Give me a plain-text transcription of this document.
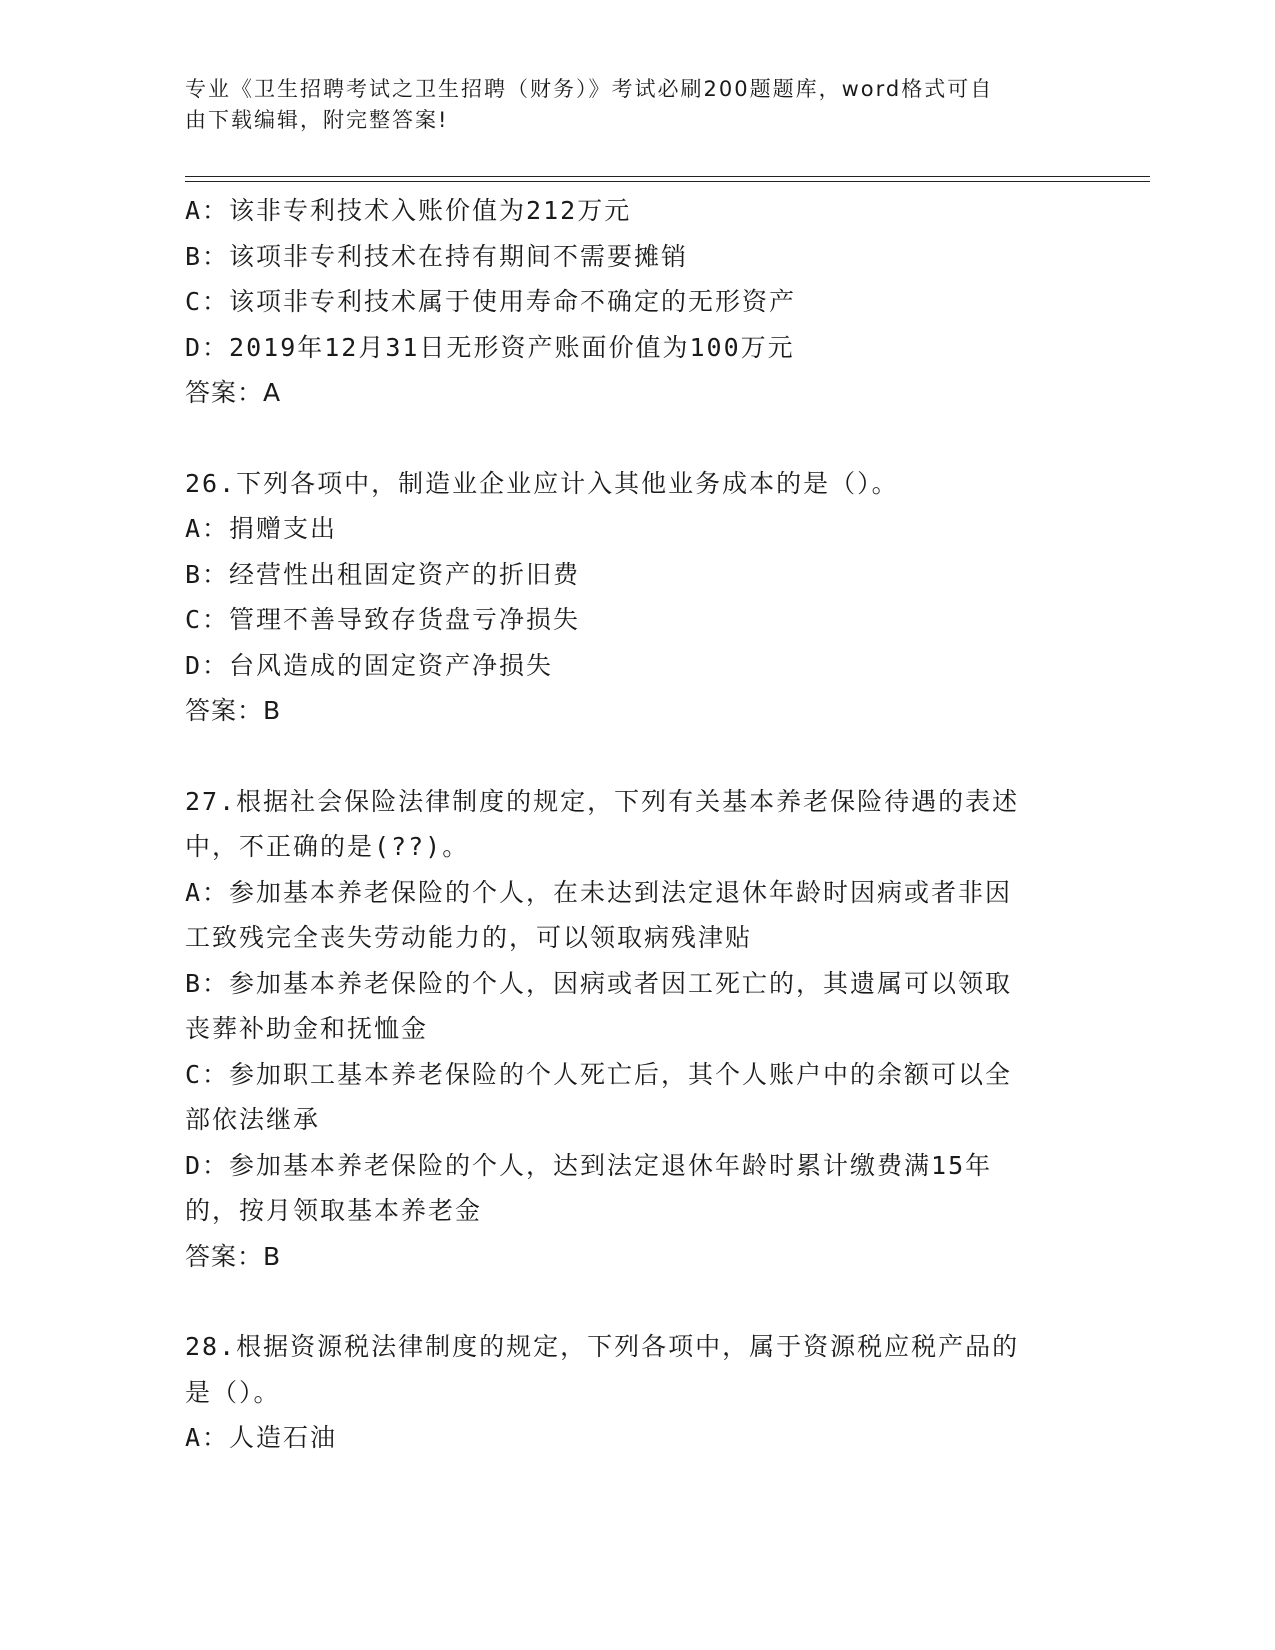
专业《卫生招聘考试之卫生招聘（财务）》考试必刷200题题库，word格式可自
由下载编辑，附完整答案!

A：该非专利技术入账价值为212万元

B：该项非专利技术在持有期间不需要摊销

C：该项非专利技术属于使用寿命不确定的无形资产

D：2019年12月31日无形资产账面价值为100万元

答案：A

26.下列各项中，制造业企业应计入其他业务成本的是（）。

A：捐赠支出

B：经营性出租固定资产的折旧费

C：管理不善导致存货盘亏净损失

D：台风造成的固定资产净损失

答案：B

27.根据社会保险法律制度的规定，下列有关基本养老保险待遇的表述

中，不正确的是(??)。

A：参加基本养老保险的个人，在未达到法定退休年龄时因病或者非因

工致残完全丧失劳动能力的，可以领取病残津贴

B：参加基本养老保险的个人，因病或者因工死亡的，其遗属可以领取

丧葬补助金和抚恤金

C：参加职工基本养老保险的个人死亡后，其个人账户中的余额可以全

部依法继承

D：参加基本养老保险的个人，达到法定退休年龄时累计缴费满15年

的，按月领取基本养老金

答案：B

28.根据资源税法律制度的规定，下列各项中，属于资源税应税产品的

是（）。

A：人造石油
